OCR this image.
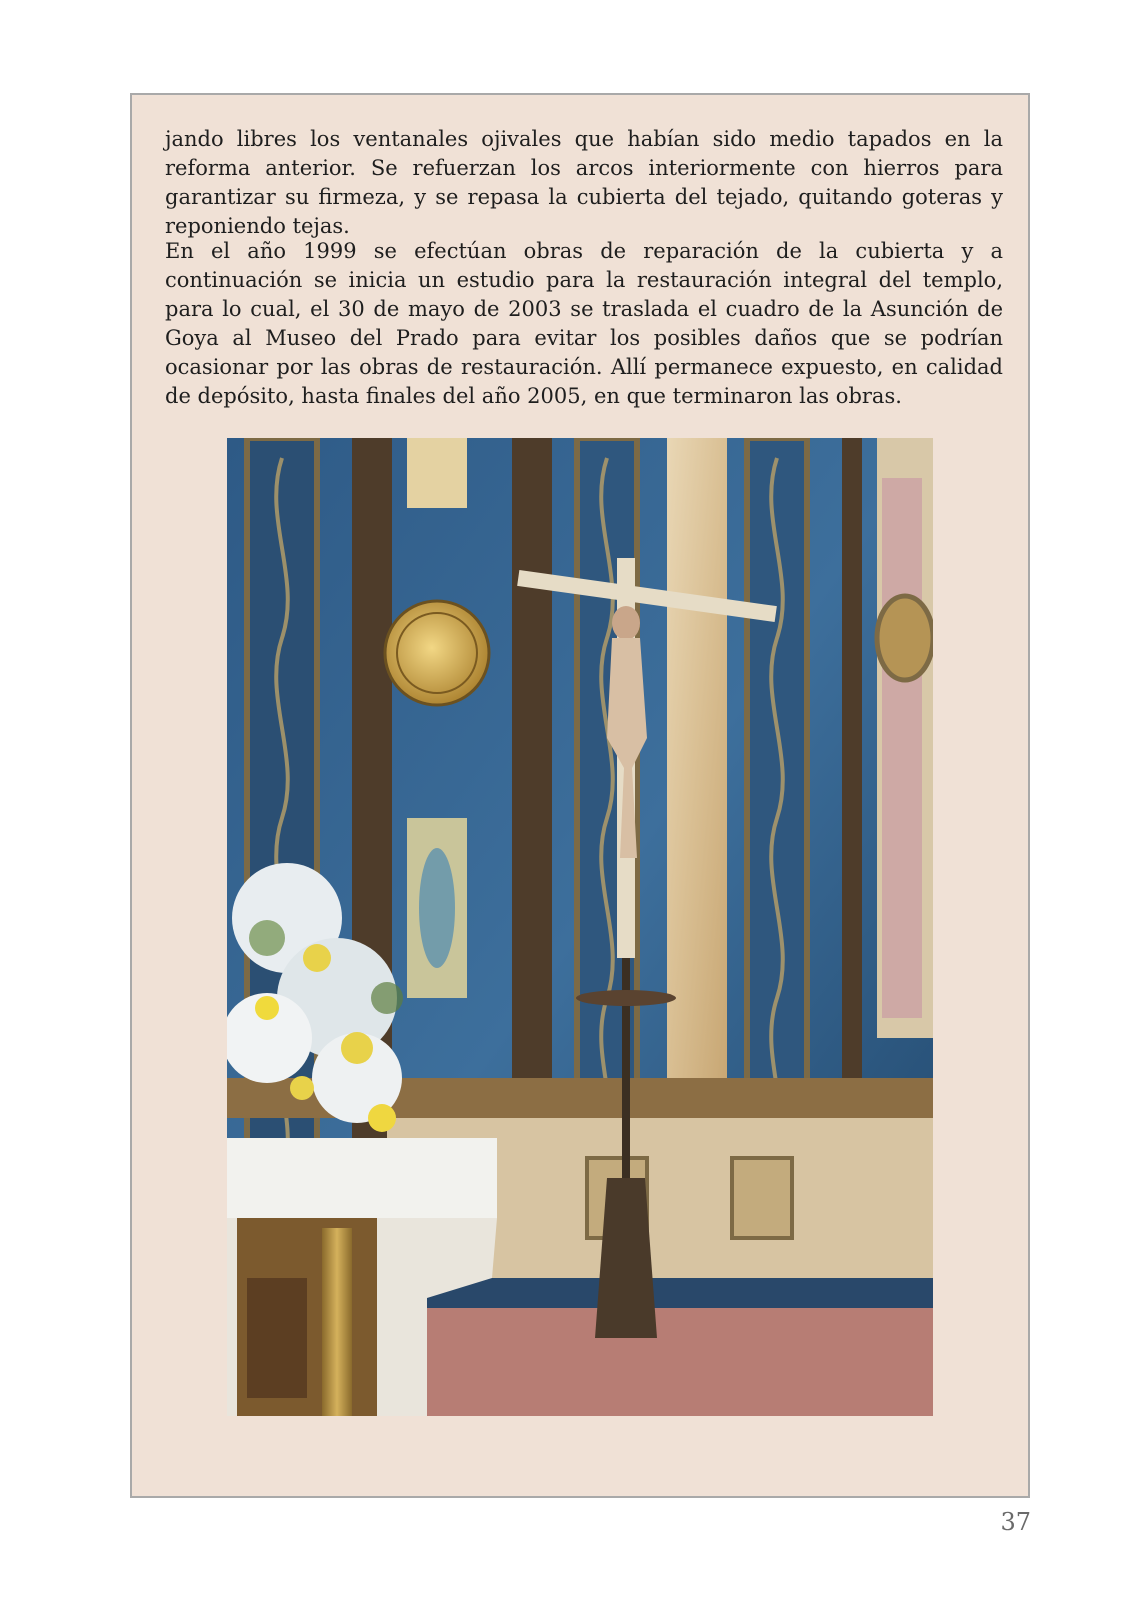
jando libres los ventanales ojivales que habían sido medio tapados en la reforma anterior. Se refuerzan los arcos interiormente con hierros para garantizar su firmeza, y se repasa la cubierta del tejado, quitando goteras y reponiendo tejas.

En el año 1999 se efectúan obras de reparación de la cubierta y a continuación se inicia un estudio para la restauración integral del templo, para lo cual, el 30 de mayo de 2003 se traslada el cuadro de la Asunción de Goya al Museo del Prado para evitar los posibles daños que se podrían ocasionar por las obras de restauración. Allí permanece expuesto, en calidad de depósito, hasta finales del año 2005, en que terminaron las obras.

37
